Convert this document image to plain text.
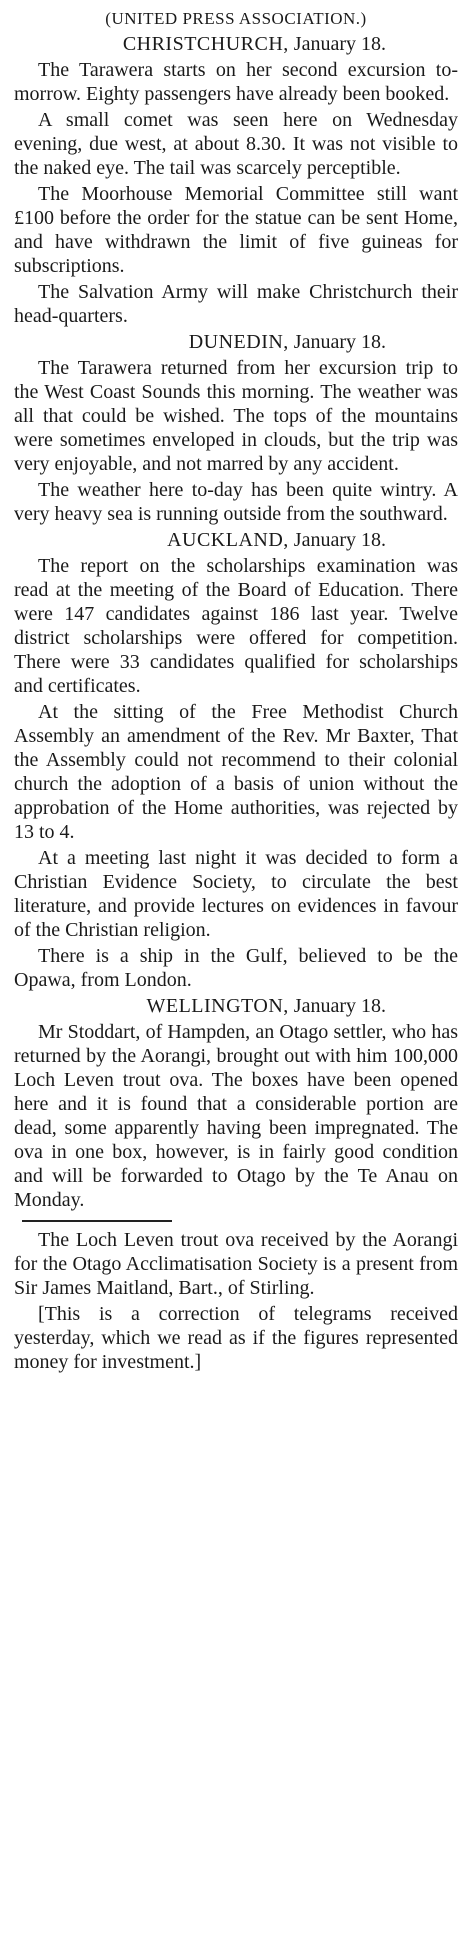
(UNITED PRESS ASSOCIATION.)
CHRISTCHURCH, January 18.

The Tarawera starts on her second excursion to-morrow. Eighty passengers have already been booked.

A small comet was seen here on Wednesday evening, due west, at about 8.30. It was not visible to the naked eye. The tail was scarcely perceptible.

The Moorhouse Memorial Committee still want £100 before the order for the statue can be sent Home, and have withdrawn the limit of five guineas for subscriptions.

The Salvation Army will make Christchurch their head-quarters.

DUNEDIN, January 18.

The Tarawera returned from her excursion trip to the West Coast Sounds this morning. The weather was all that could be wished. The tops of the mountains were sometimes enveloped in clouds, but the trip was very enjoyable, and not marred by any accident.

The weather here to-day has been quite wintry. A very heavy sea is running outside from the southward.

AUCKLAND, January 18.

The report on the scholarships examination was read at the meeting of the Board of Education. There were 147 candidates against 186 last year. Twelve district scholarships were offered for competition. There were 33 candidates qualified for scholarships and certificates.

At the sitting of the Free Methodist Church Assembly an amendment of the Rev. Mr Baxter, That the Assembly could not recommend to their colonial church the adoption of a basis of union without the approbation of the Home authorities, was rejected by 13 to 4.

At a meeting last night it was decided to form a Christian Evidence Society, to circulate the best literature, and provide lectures on evidences in favour of the Christian religion.

There is a ship in the Gulf, believed to be the Opawa, from London.

WELLINGTON, January 18.

Mr Stoddart, of Hampden, an Otago settler, who has returned by the Aorangi, brought out with him 100,000 Loch Leven trout ova. The boxes have been opened here and it is found that a considerable portion are dead, some apparently having been impregnated. The ova in one box, however, is in fairly good condition and will be forwarded to Otago by the Te Anau on Monday.

The Loch Leven trout ova received by the Aorangi for the Otago Acclimatisation Society is a present from Sir James Maitland, Bart., of Stirling.

[This is a correction of telegrams received yesterday, which we read as if the figures represented money for investment.]
